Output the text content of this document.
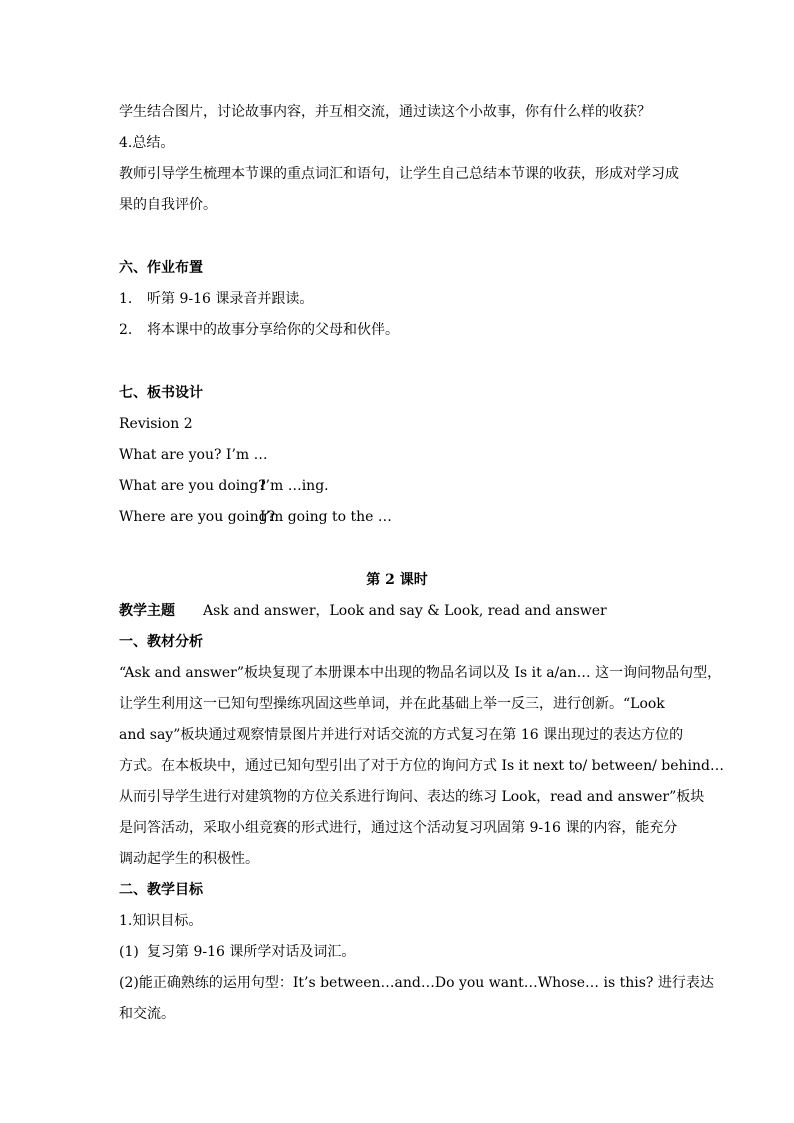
学生结合图片，讨论故事内容，并互相交流，通过读这个小故事，你有什么样的收获？
4.总结。
教师引导学生梳理本节课的重点词汇和语句，让学生自己总结本节课的收获，形成对学习成
果的自我评价。
六、作业布置
1.	听第 9-16 课录音并跟读。
2.	将本课中的故事分享给你的父母和伙伴。
七、板书设计
Revision 2
What are you? I’m …
What are you doing?I’m …ing.
Where are you going?I’m going to the …
第 2 课时
教学主题 Ask and answer，Look and say & Look, read and answer
一、教材分析
“Ask and answer”板块复现了本册课本中出现的物品名词以及 Is it a/an… 这一询问物品句型，
让学生利用这一已知句型操练巩固这些单词，并在此基础上举一反三，进行创新。“Look
and say”板块通过观察情景图片并进行对话交流的方式复习在第 16 课出现过的表达方位的
方式。在本板块中，通过已知句型引出了对于方位的询问方式 Is it next to/ between/ behind…
从而引导学生进行对建筑物的方位关系进行询问、表达的练习 Look，read and answer”板块
是问答活动，采取小组竞赛的形式进行，通过这个活动复习巩固第 9-16 课的内容，能充分
调动起学生的积极性。
二、教学目标
1.知识目标。
(1) 复习第 9-16 课所学对话及词汇。
(2) 能正确熟练的运用句型：It’s between…and…Do you want…Whose… is this? 进行表达
和交流。
